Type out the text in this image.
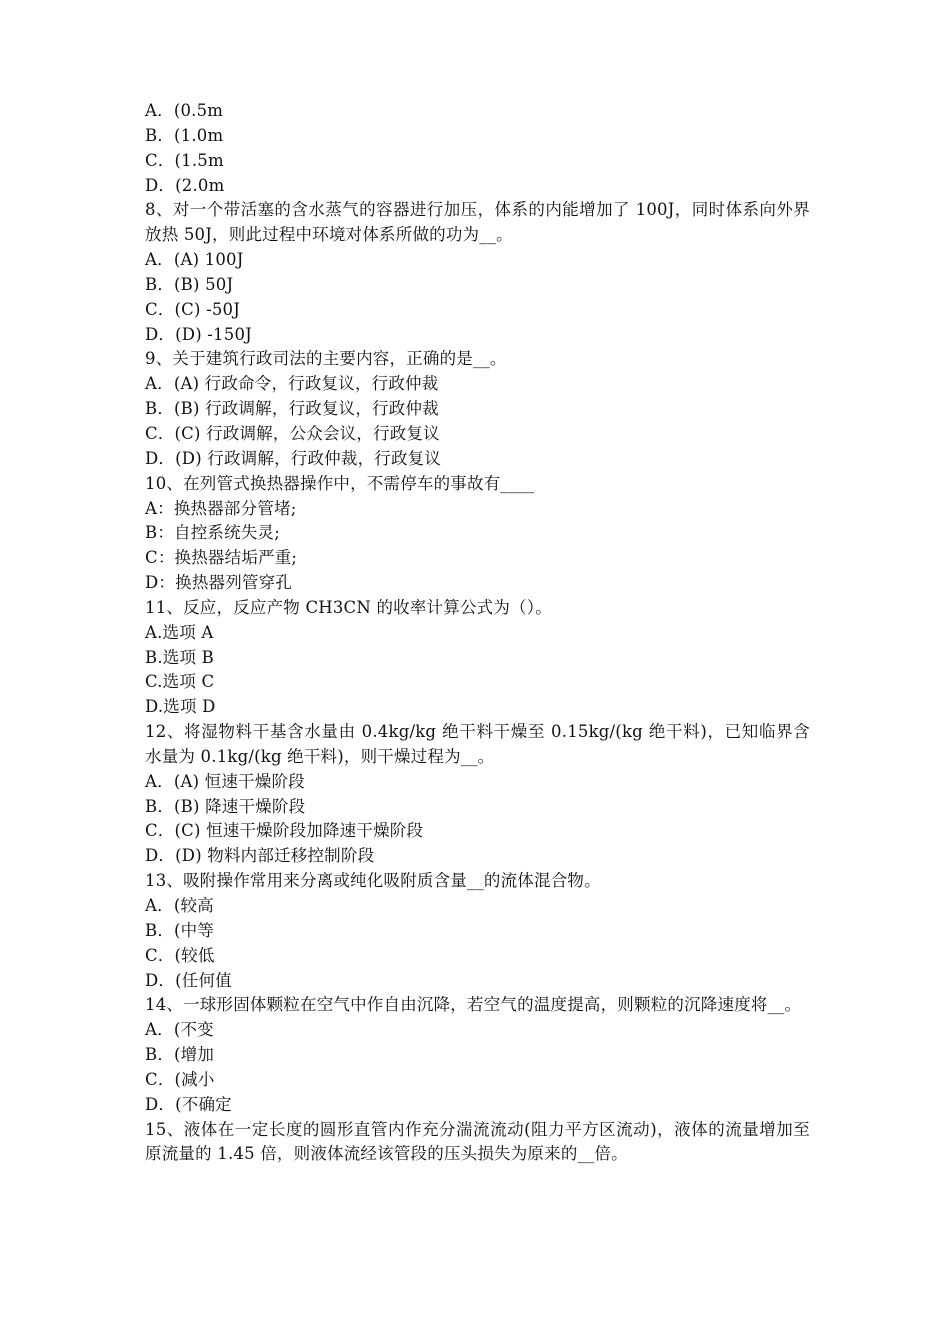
A．(0.5m
B．(1.0m
C．(1.5m
D．(2.0m
8、对一个带活塞的含水蒸气的容器进行加压，体系的内能增加了 100J，同时体系向外界放热 50J，则此过程中环境对体系所做的功为__。
A．(A) 100J
B．(B) 50J
C．(C) -50J
D．(D) -150J
9、关于建筑行政司法的主要内容，正确的是__。
A．(A) 行政命令，行政复议，行政仲裁
B．(B) 行政调解，行政复议，行政仲裁
C．(C) 行政调解，公众会议，行政复议
D．(D) 行政调解，行政仲裁，行政复议
10、在列管式换热器操作中，不需停车的事故有____
A：换热器部分管堵;
B：自控系统失灵;
C：换热器结垢严重;
D：换热器列管穿孔
11、反应，反应产物 CH3CN 的收率计算公式为（）。
A.选项 A
B.选项 B
C.选项 C
D.选项 D
12、将湿物料干基含水量由 0.4kg/kg 绝干料干燥至 0.15kg/(kg 绝干料)，已知临界含水量为 0.1kg/(kg 绝干料)，则干燥过程为__。
A．(A) 恒速干燥阶段
B．(B) 降速干燥阶段
C．(C) 恒速干燥阶段加降速干燥阶段
D．(D) 物料内部迁移控制阶段
13、吸附操作常用来分离或纯化吸附质含量__的流体混合物。
A．(较高
B．(中等
C．(较低
D．(任何值
14、一球形固体颗粒在空气中作自由沉降，若空气的温度提高，则颗粒的沉降速度将__。
A．(不变
B．(增加
C．(减小
D．(不确定
15、液体在一定长度的圆形直管内作充分湍流流动(阻力平方区流动)，液体的流量增加至原流量的 1.45 倍，则液体流经该管段的压头损失为原来的__倍。
